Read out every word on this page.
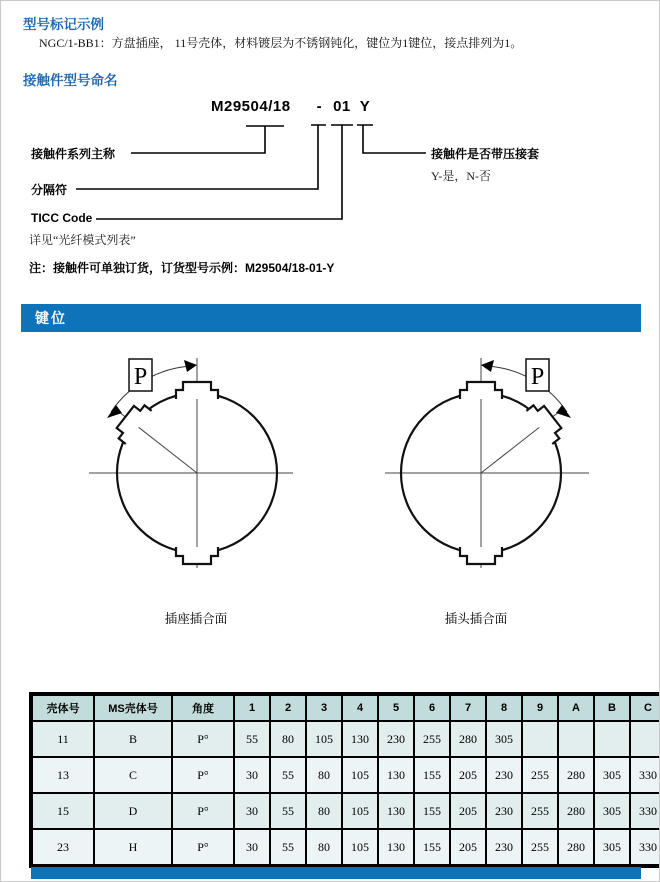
型号标记示例
NGC/1-BB1：方盘插座， 11号壳体，材料镀层为不锈钢钝化，键位为1键位，接点排列为1。
接触件型号命名
M29504/18 - 01 Y
接触件系列主称
分隔符
TICC Code
详见“光纤模式列表”
接触件是否带压接套
Y-是，N-否
注：接触件可单独订货，订货型号示例：M29504/18-01-Y
键位
P
插座插合面
P
插头插合面
壳体号	MS壳体号	角度	1	2	3	4	5	6	7	8	9	A	B	C
11	B	P°	55	80	105	130	230	255	280	305				
13	C	P°	30	55	80	105	130	155	205	230	255	280	305	330
15	D	P°	30	55	80	105	130	155	205	230	255	280	305	330
23	H	P°	30	55	80	105	130	155	205	230	255	280	305	330
